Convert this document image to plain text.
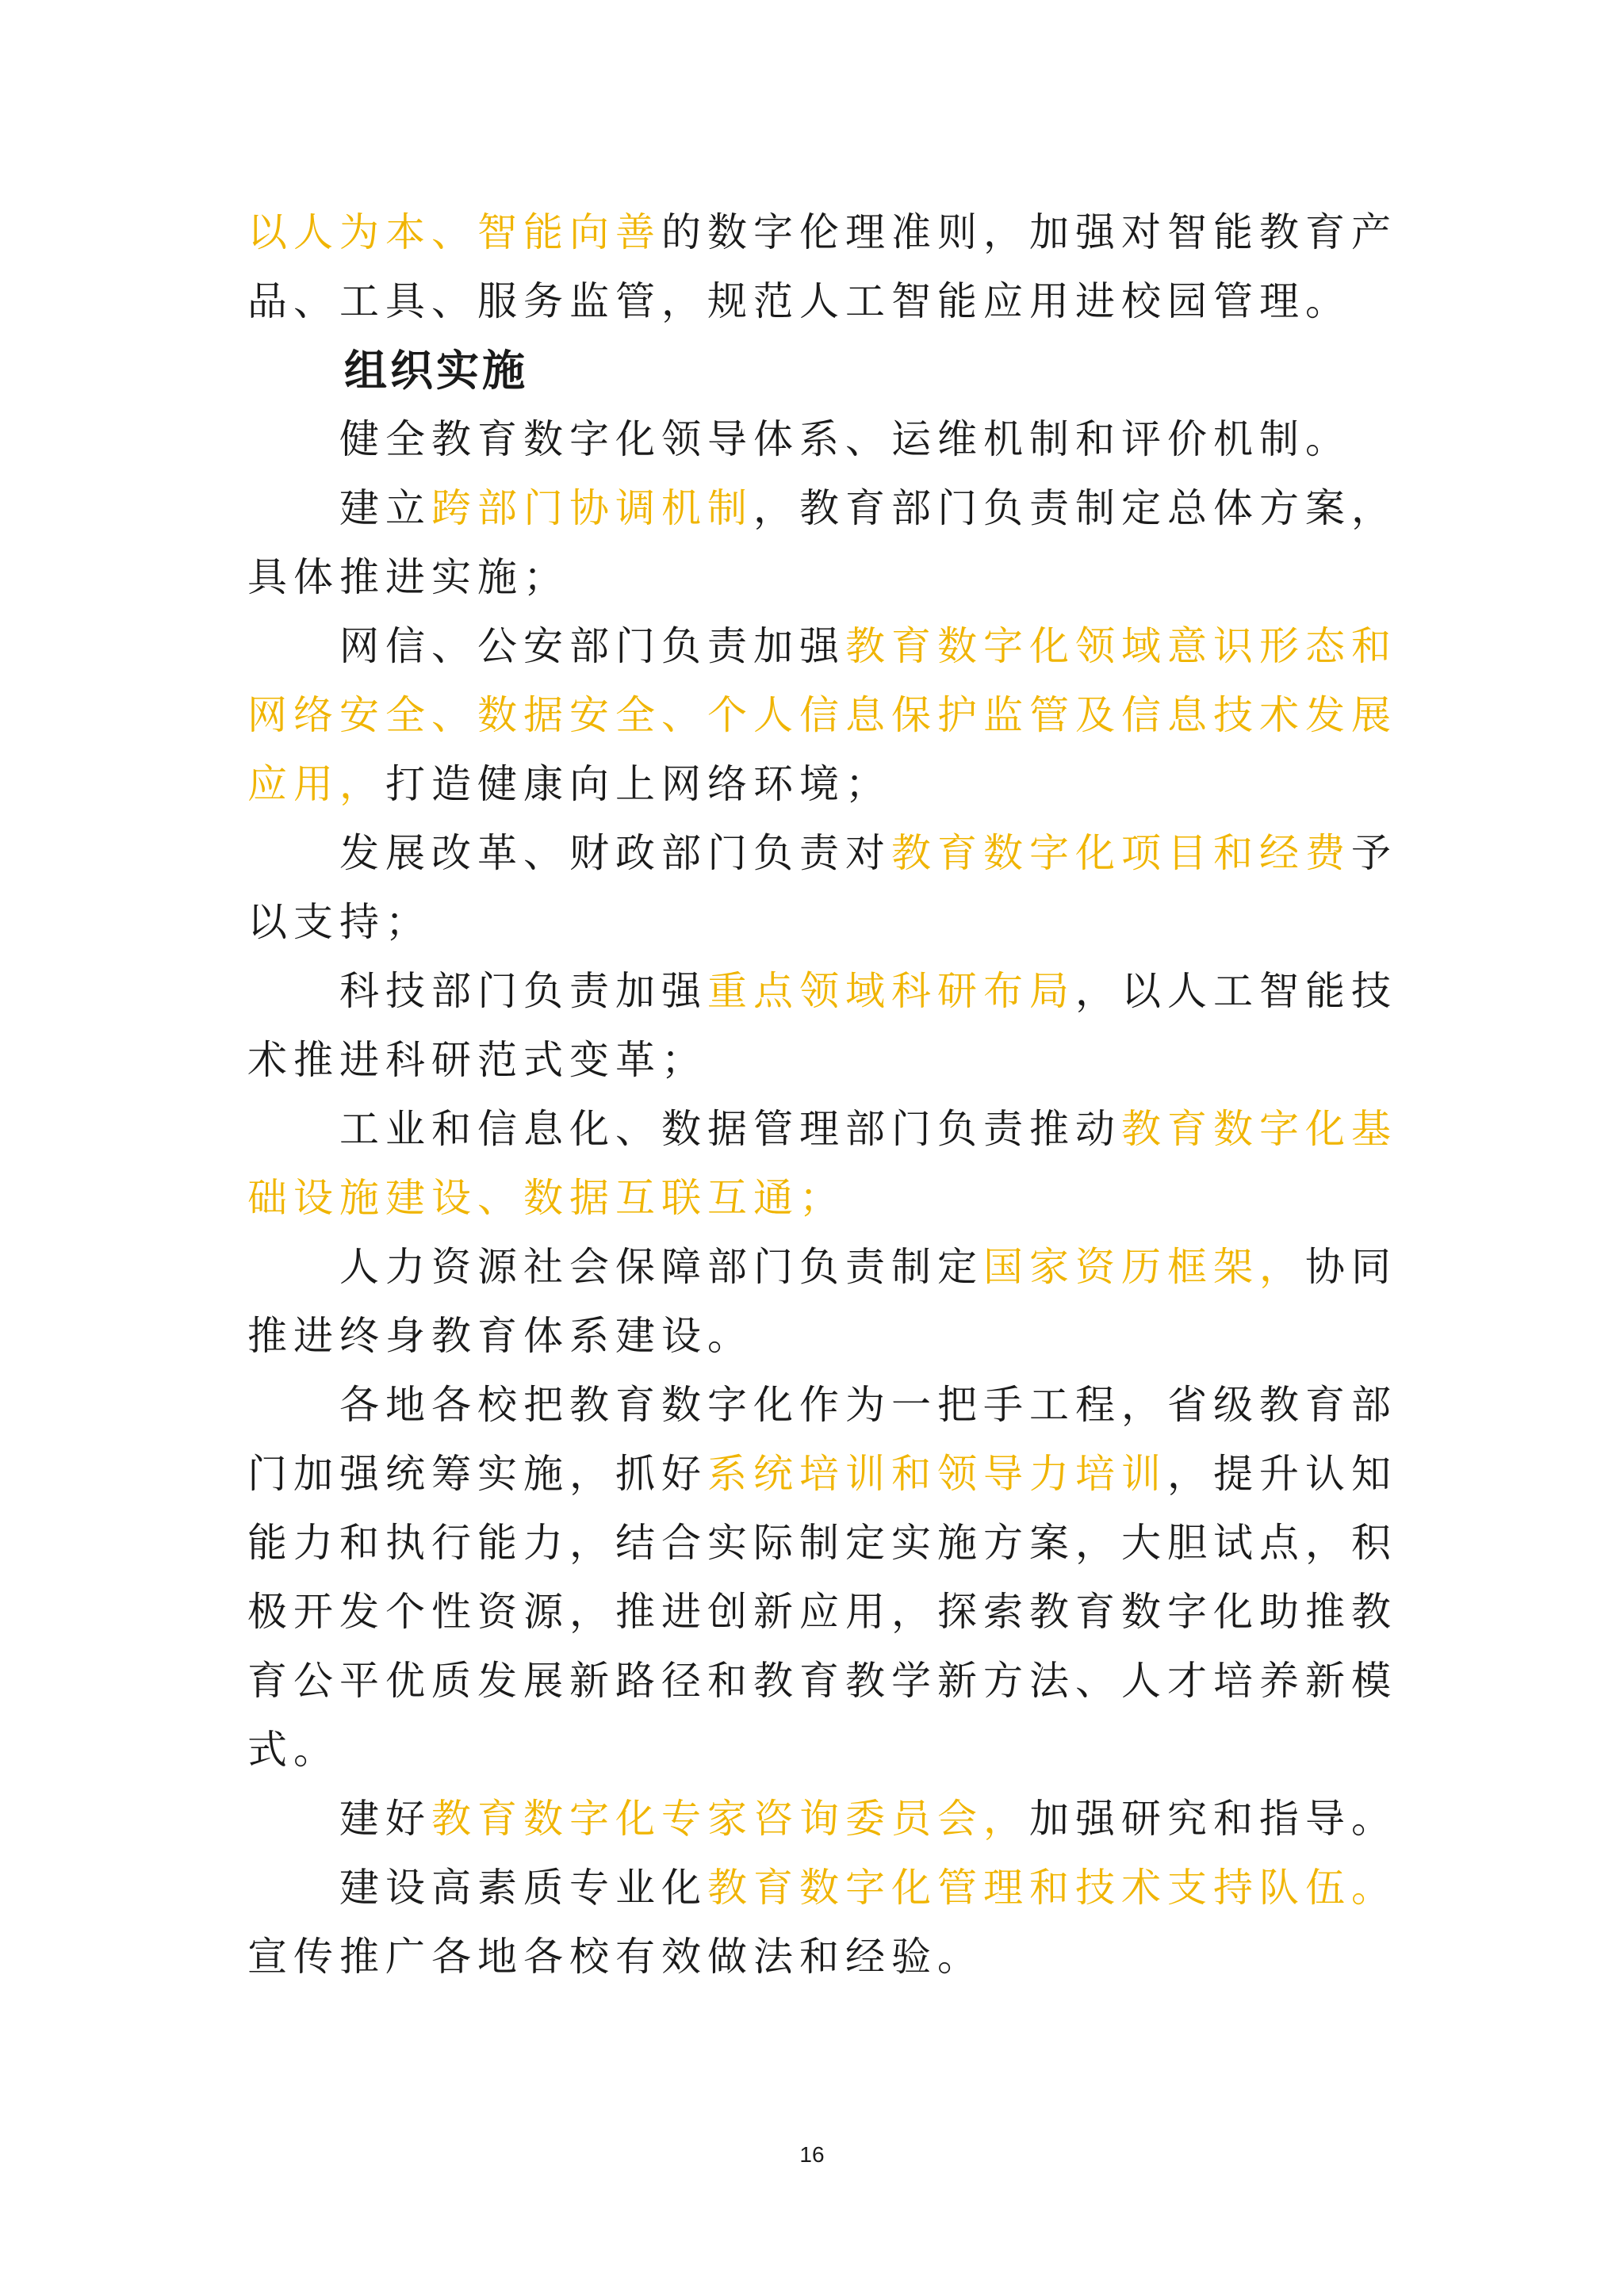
以人为本、智能向善的数字伦理准则，加强对智能教育产品、工具、服务监管，规范人工智能应用进校园管理。

组织实施

健全教育数字化领导体系、运维机制和评价机制。

建立跨部门协调机制，教育部门负责制定总体方案，具体推进实施；

网信、公安部门负责加强教育数字化领域意识形态和网络安全、数据安全、个人信息保护监管及信息技术发展应用，打造健康向上网络环境；

发展改革、财政部门负责对教育数字化项目和经费予以支持；

科技部门负责加强重点领域科研布局，以人工智能技术推进科研范式变革；

工业和信息化、数据管理部门负责推动教育数字化基础设施建设、数据互联互通；

人力资源社会保障部门负责制定国家资历框架，协同推进终身教育体系建设。

各地各校把教育数字化作为一把手工程，省级教育部门加强统筹实施，抓好系统培训和领导力培训，提升认知能力和执行能力，结合实际制定实施方案，大胆试点，积极开发个性资源，推进创新应用，探索教育数字化助推教育公平优质发展新路径和教育教学新方法、人才培养新模式。

建好教育数字化专家咨询委员会，加强研究和指导。

建设高素质专业化教育数字化管理和技术支持队伍。宣传推广各地各校有效做法和经验。

16
